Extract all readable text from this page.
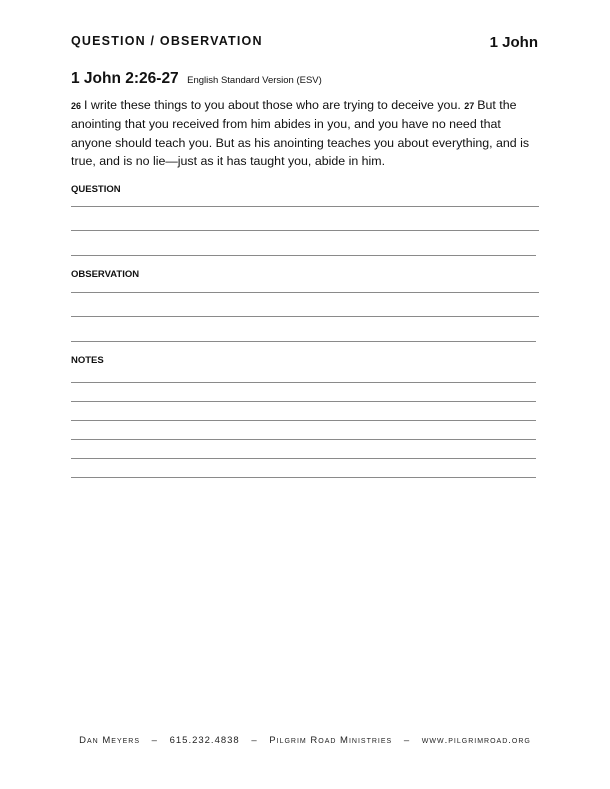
QUESTION / OBSERVATION	1 John
1 John 2:26-27 English Standard Version (ESV)
26 I write these things to you about those who are trying to deceive you. 27 But the anointing that you received from him abides in you, and you have no need that anyone should teach you. But as his anointing teaches you about everything, and is true, and is no lie—just as it has taught you, abide in him.
QUESTION
OBSERVATION
NOTES
Dan Meyers – 615.232.4838 – Pilgrim Road Ministries – www.pilgrimroad.org
